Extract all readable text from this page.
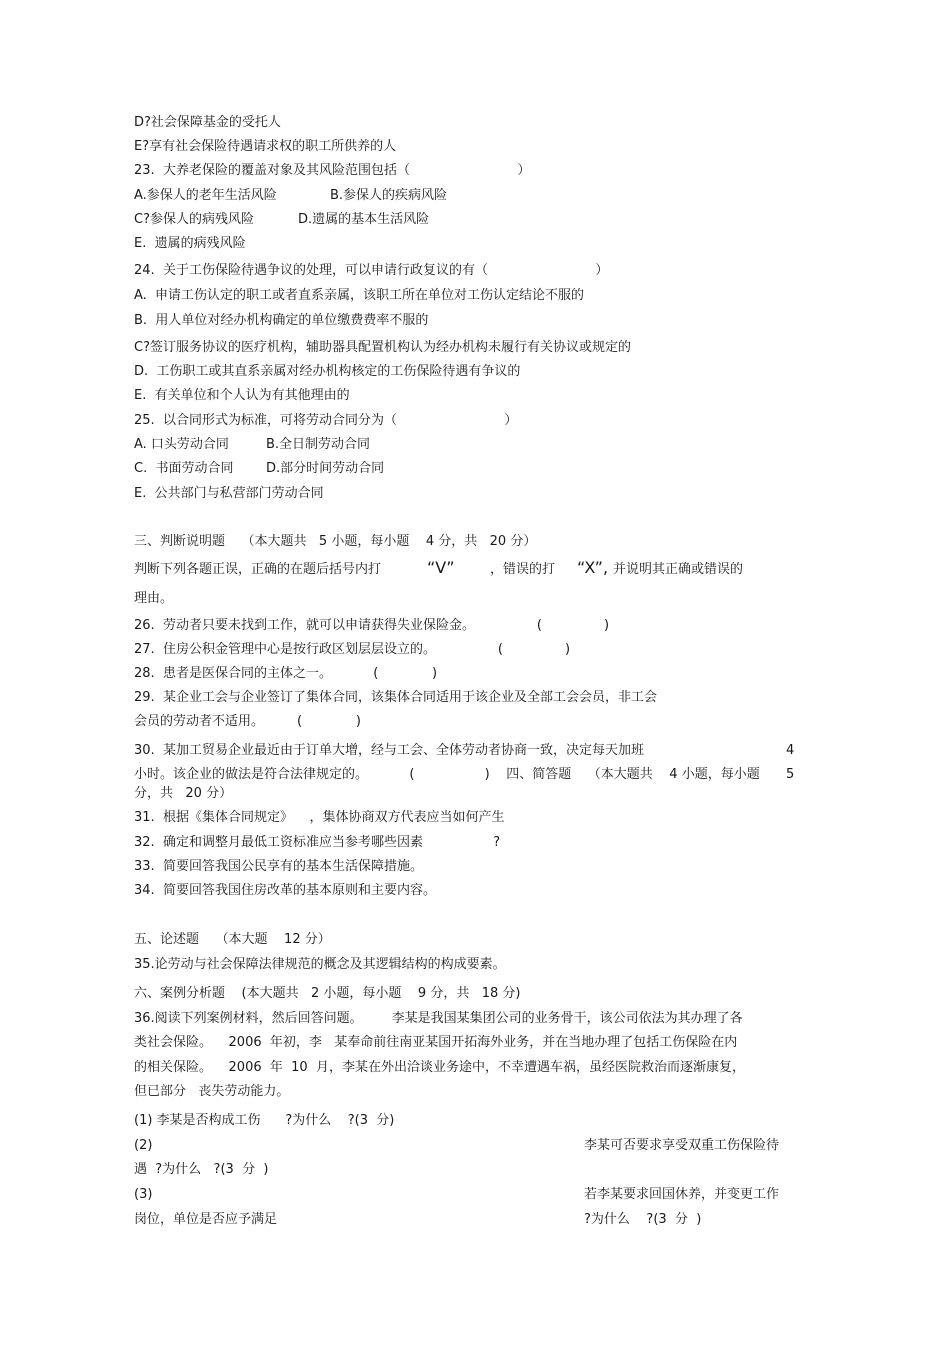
D?社会保障基金的受托人
E?享有社会保险待遇请求权的职工所供养的人
23.  大养老保险的覆盖对象及其风险范围包括（                          ）
A.参保人的老年生活风险	B.参保人的疾病风险
C?参保人的病残风险	D.遗属的基本生活风险
E.  遗属的病残风险
24.  关于工伤保险待遇争议的处理，可以申请行政复议的有（                          ）
A.  申请工伤认定的职工或者直系亲属，该职工所在单位对工伤认定结论不服的
B.  用人单位对经办机构确定的单位缴费费率不服的
C?签订服务协议的医疗机构，辅助器具配置机构认为经办机构未履行有关协议或规定的
D.  工伤职工或其直系亲属对经办机构核定的工伤保险待遇有争议的
E.  有关单位和个人认为有其他理由的
25.  以合同形式为标准，可将劳动合同分为（                          ）
A. 口头劳动合同	B.全日制劳动合同
C.  书面劳动合同	D.部分时间劳动合同
E.  公共部门与私营部门劳动合同
三、判断说明题    （本大题共   5 小题，每小题    4 分，共   20 分）
判断下列各题正误，正确的在题后括号内打	“V”	，错误的打 “X”, 并说明其正确或错误的
理由。
26.  劳动者只要未找到工作，就可以申请获得失业保险金。               (               )
27.  住房公积金管理中心是按行政区划层层设立的。               (               )
28.  患者是医保合同的主体之一。          (             )
29.  某企业工会与企业签订了集体合同，该集体合同适用于该企业及全部工会会员，非工会
会员的劳动者不适用。        (             )
30.  某加工贸易企业最近由于订单大增，经与工会、全体劳动者协商一致，决定每天加班	4
小时。该企业的做法是符合法律规定的。          (                 )    四、简答题    （本大题共    4 小题，每小题 5
分，共   20 分）
31.  根据《集体合同规定》    ，集体协商双方代表应当如何产生
32.  确定和调整月最低工资标准应当参考哪些因素                 ?
33.  简要回答我国公民享有的基本生活保障措施。
34.  简要回答我国住房改革的基本原则和主要内容。
五、论述题    （本大题    12 分）
35.论劳动与社会保障法律规范的概念及其逻辑结构的构成要素。
六、案例分析题    (本大题共   2 小题，每小题    9 分，共   18 分)
36.阅读下列案例材料，然后回答问题。       李某是我国某集团公司的业务骨干，该公司依法为其办理了各
类社会保险。    2006  年初，李   某奉命前往南亚某国开拓海外业务，并在当地办理了包括工伤保险在内
的相关保险。    2006  年  10  月，李某在外出洽谈业务途中，不幸遭遇车祸，虽经医院救治而逐渐康复，
但已部分   丧失劳动能力。
(1) 李某是否构成工伤      ?为什么    ?(3  分)
(2)	李某可否要求享受双重工伤保险待
遇  ?为什么   ?(3  分  )
(3)	若李某要求回国休养，并变更工作
岗位，单位是否应予满足	?为什么    ?(3  分  )
